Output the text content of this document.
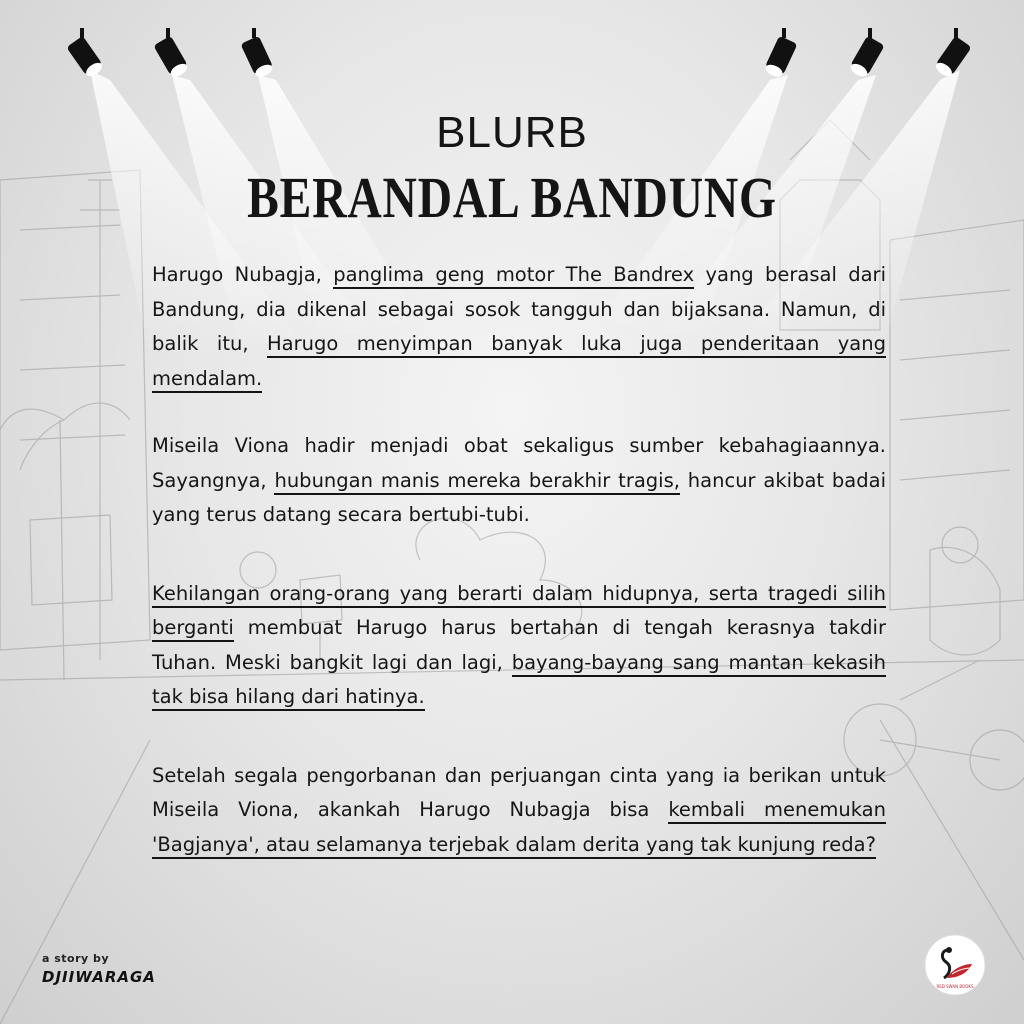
BLURB
BERANDAL BANDUNG

Harugo Nubagja, panglima geng motor The Bandrex yang berasal dari Bandung, dia dikenal sebagai sosok tangguh dan bijaksana. Namun, di balik itu, Harugo menyimpan banyak luka juga penderitaan yang mendalam.

Miseila Viona hadir menjadi obat sekaligus sumber kebahagiaannya. Sayangnya, hubungan manis mereka berakhir tragis, hancur akibat badai yang terus datang secara bertubi-tubi.

Kehilangan orang-orang yang berarti dalam hidupnya, serta tragedi silih berganti membuat Harugo harus bertahan di tengah kerasnya takdir Tuhan. Meski bangkit lagi dan lagi, bayang-bayang sang mantan kekasih tak bisa hilang dari hatinya.

Setelah segala pengorbanan dan perjuangan cinta yang ia berikan untuk Miseila Viona, akankah Harugo Nubagja bisa kembali menemukan 'Bagjanya', atau selamanya terjebak dalam derita yang tak kunjung reda?

a story by
DJIIWARAGA
RED SWAN BOOKS
